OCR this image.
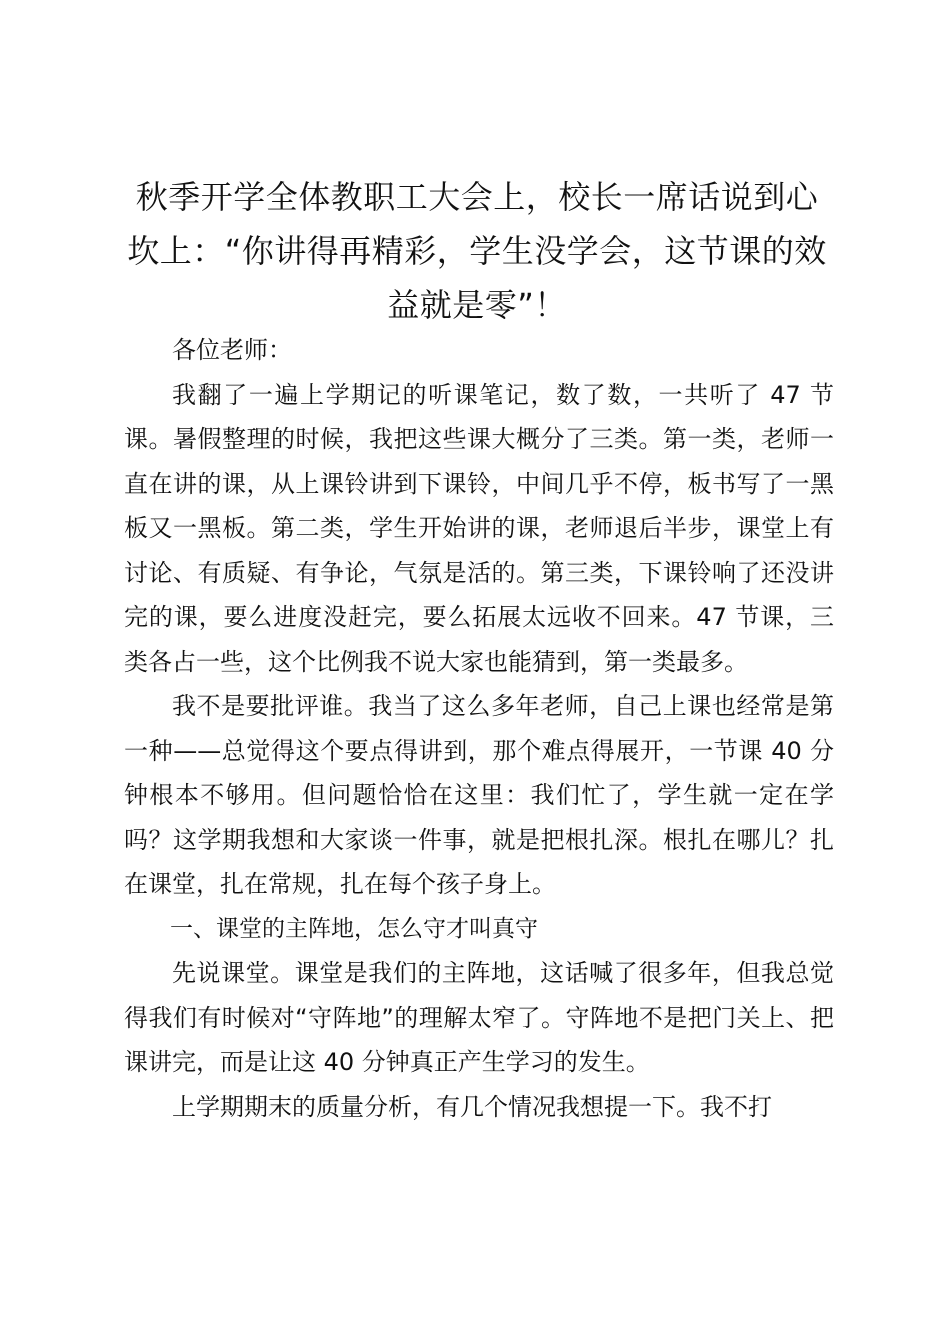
秋季开学全体教职工大会上，校长一席话说到心坎上：“你讲得再精彩，学生没学会，这节课的效益就是零”！

各位老师：

我翻了一遍上学期记的听课笔记，数了数，一共听了 47 节课。暑假整理的时候，我把这些课大概分了三类。第一类，老师一直在讲的课，从上课铃讲到下课铃，中间几乎不停，板书写了一黑板又一黑板。第二类，学生开始讲的课，老师退后半步，课堂上有讨论、有质疑、有争论，气氛是活的。第三类，下课铃响了还没讲完的课，要么进度没赶完，要么拓展太远收不回来。47 节课，三类各占一些，这个比例我不说大家也能猜到，第一类最多。

我不是要批评谁。我当了这么多年老师，自己上课也经常是第一种——总觉得这个要点得讲到，那个难点得展开，一节课 40 分钟根本不够用。但问题恰恰在这里：我们忙了，学生就一定在学吗？这学期我想和大家谈一件事，就是把根扎深。根扎在哪儿？扎在课堂，扎在常规，扎在每个孩子身上。

一、课堂的主阵地，怎么守才叫真守

先说课堂。课堂是我们的主阵地，这话喊了很多年，但我总觉得我们有时候对“守阵地”的理解太窄了。守阵地不是把门关上、把课讲完，而是让这 40 分钟真正产生学习的发生。

上学期期末的质量分析，有几个情况我想提一下。我不打
